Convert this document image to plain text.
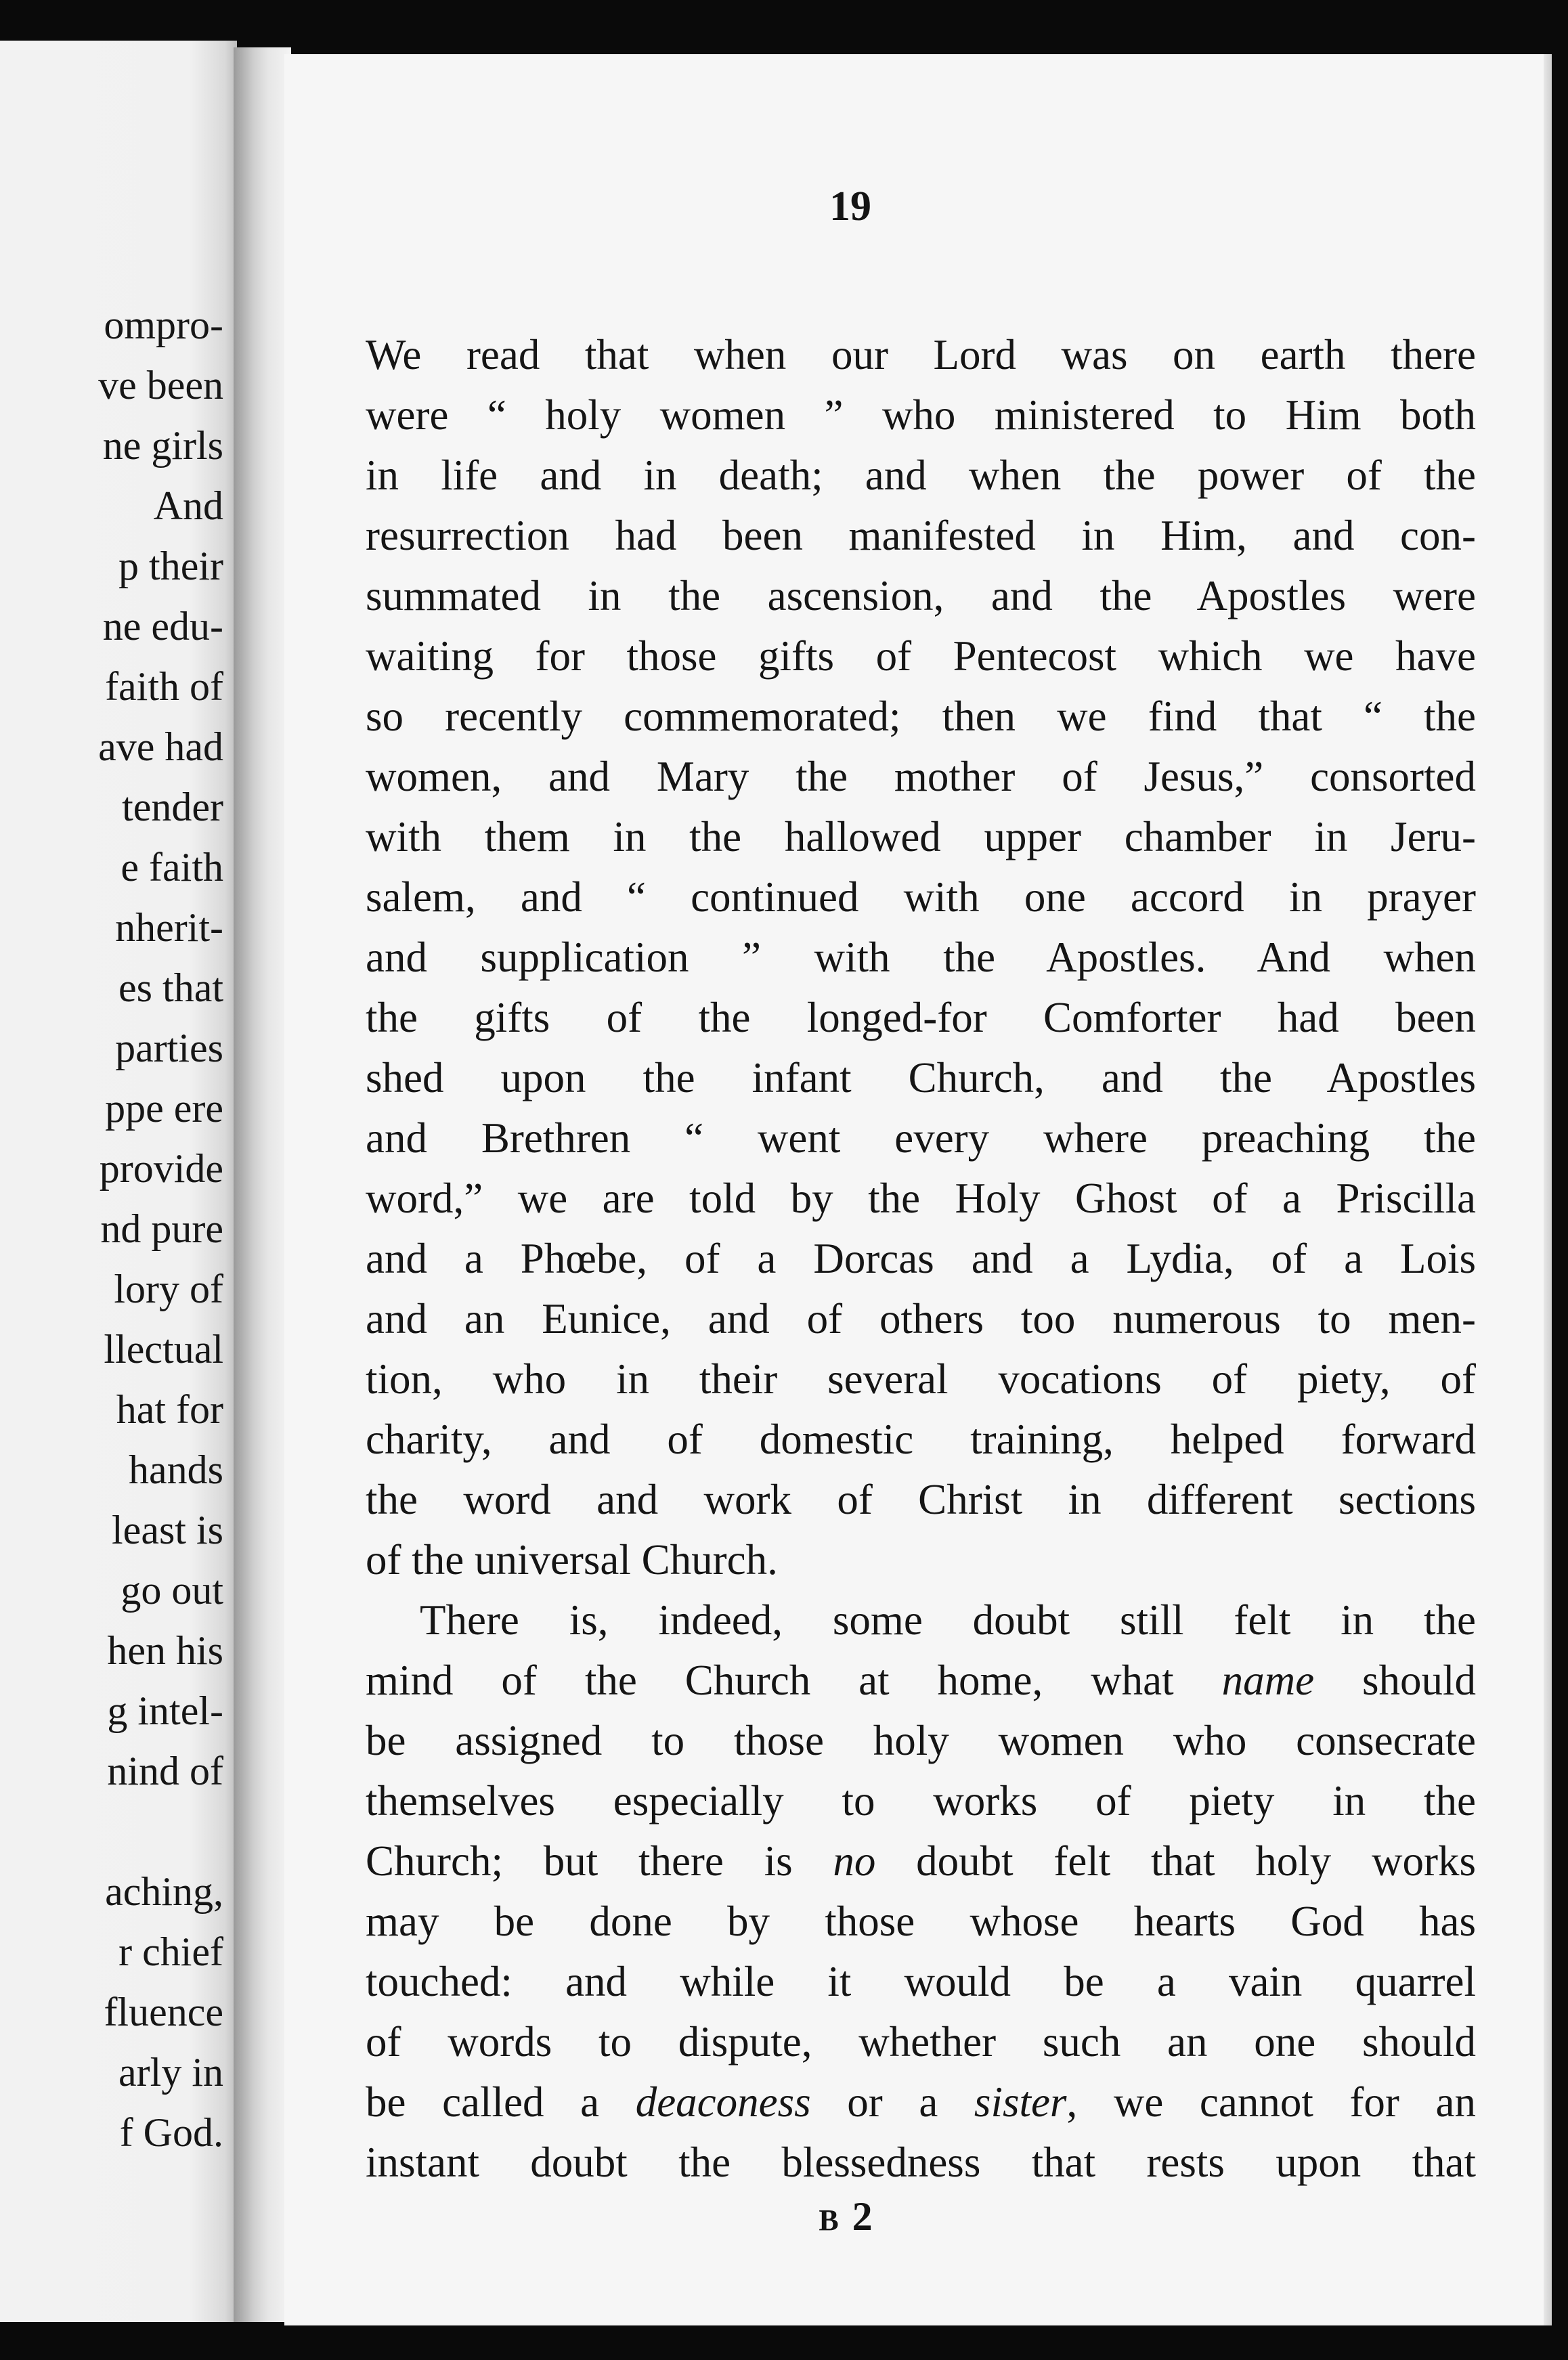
ompro-
ve been
ne girls
And
p their
ne edu-
faith of
ave had
tender
e faith
nherit-
es that
parties
ppe ere
provide
nd pure
lory of
llectual
hat for
hands
least is
go out
hen his
g intel-
nind of
aching,
r chief
fluence
arly in
f God.
19
We read that when our Lord was on earth there
were “ holy women ” who ministered to Him both
in life and in death; and when the power of the
resurrection had been manifested in Him, and con-
summated in the ascension, and the Apostles were
waiting for those gifts of Pentecost which we have
so recently commemorated; then we find that “ the
women, and Mary the mother of Jesus,” consorted
with them in the hallowed upper chamber in Jeru-
salem, and “ continued with one accord in prayer
and supplication ” with the Apostles. And when
the gifts of the longed-for Comforter had been
shed upon the infant Church, and the Apostles
and Brethren “ went every where preaching the
word,” we are told by the Holy Ghost of a Priscilla
and a Phœbe, of a Dorcas and a Lydia, of a Lois
and an Eunice, and of others too numerous to men-
tion, who in their several vocations of piety, of
charity, and of domestic training, helped forward
the word and work of Christ in different sections
of the universal Church.
There is, indeed, some doubt still felt in the
mind of the Church at home, what name should
be assigned to those holy women who consecrate
themselves especially to works of piety in the
Church; but there is no doubt felt that holy works
may be done by those whose hearts God has
touched: and while it would be a vain quarrel
of words to dispute, whether such an one should
be called a deaconess or a sister, we cannot for an
instant doubt the blessedness that rests upon that
B2
